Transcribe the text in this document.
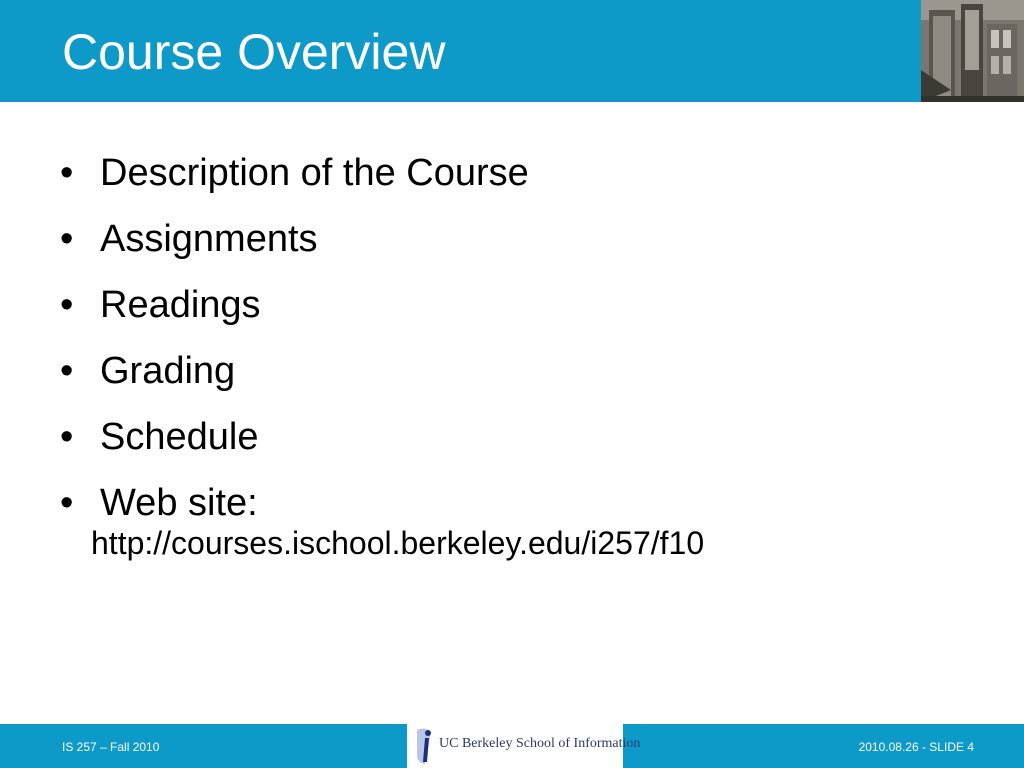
Course Overview
• Description of the Course
• Assignments
• Readings
• Grading
• Schedule
• Web site:
http://courses.ischool.berkeley.edu/i257/f10
IS 257 – Fall 2010	2010.08.26 - SLIDE 4
UC Berkeley School of Information
